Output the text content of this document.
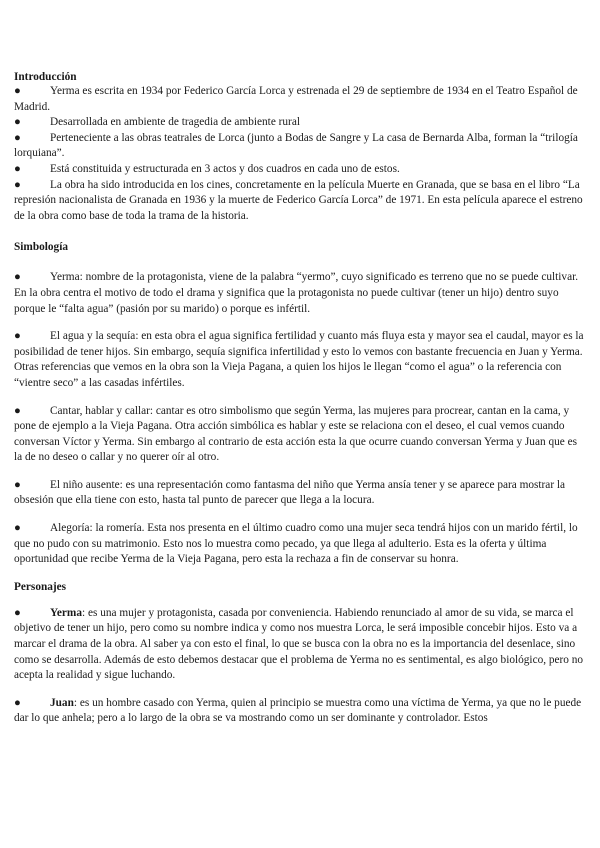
Introducción

●	Yerma es escrita en 1934 por Federico García Lorca y estrenada el 29 de septiembre de 1934 en el Teatro Español de Madrid.

●	Desarrollada en ambiente de tragedia de ambiente rural

●	Perteneciente a las obras teatrales de Lorca (junto a Bodas de Sangre y La casa de Bernarda Alba, forman la “trilogía lorquiana”.

●	Está constituida y estructurada en 3 actos y dos cuadros en cada uno de estos.

●	La obra ha sido introducida en los cines, concretamente en la película Muerte en Granada, que se basa en el libro “La represión nacionalista de Granada en 1936 y la muerte de Federico García Lorca” de 1971. En esta película aparece el estreno de la obra como base de toda la trama de la historia.

Simbología

●	Yerma: nombre de la protagonista, viene de la palabra “yermo”, cuyo significado es terreno que no se puede cultivar. En la obra centra el motivo de todo el drama y significa que la protagonista no puede cultivar (tener un hijo) dentro suyo porque le “falta agua” (pasión por su marido) o porque es infértil.

●	El agua y la sequía: en esta obra el agua significa fertilidad y cuanto más fluya esta y mayor sea el caudal, mayor es la posibilidad de tener hijos. Sin embargo, sequía significa infertilidad y esto lo vemos con bastante frecuencia en Juan y Yerma. Otras referencias que vemos en la obra son la Vieja Pagana, a quien los hijos le llegan “como el agua” o la referencia con “vientre seco” a las casadas infértiles.

●	Cantar, hablar y callar: cantar es otro simbolismo que según Yerma, las mujeres para procrear, cantan en la cama, y pone de ejemplo a la Vieja Pagana. Otra acción simbólica es hablar y este se relaciona con el deseo, el cual vemos cuando conversan Víctor y Yerma. Sin embargo al contrario de esta acción esta la que ocurre cuando conversan Yerma y Juan que es la de no deseo o callar y no querer oír al otro.

●	El niño ausente: es una representación como fantasma del niño que Yerma ansía tener y se aparece para mostrar la obsesión que ella tiene con esto, hasta tal punto de parecer que llega a la locura.

●	Alegoría: la romería. Esta nos presenta en el último cuadro como una mujer seca tendrá hijos con un marido fértil, lo que no pudo con su matrimonio. Esto nos lo muestra como pecado, ya que llega al adulterio. Esta es la oferta y última oportunidad que recibe Yerma de la Vieja Pagana, pero esta la rechaza a fin de conservar su honra.

Personajes

●	Yerma: es una mujer y protagonista, casada por conveniencia. Habiendo renunciado al amor de su vida, se marca el objetivo de tener un hijo, pero como su nombre indica y como nos muestra Lorca, le será imposible concebir hijos. Esto va a marcar el drama de la obra. Al saber ya con esto el final, lo que se busca con la obra no es la importancia del desenlace, sino como se desarrolla. Además de esto debemos destacar que el problema de Yerma no es sentimental, es algo biológico, pero no acepta la realidad y sigue luchando.

●	Juan: es un hombre casado con Yerma, quien al principio se muestra como una víctima de Yerma, ya que no le puede dar lo que anhela; pero a lo largo de la obra se va mostrando como un ser dominante y controlador. Estos
